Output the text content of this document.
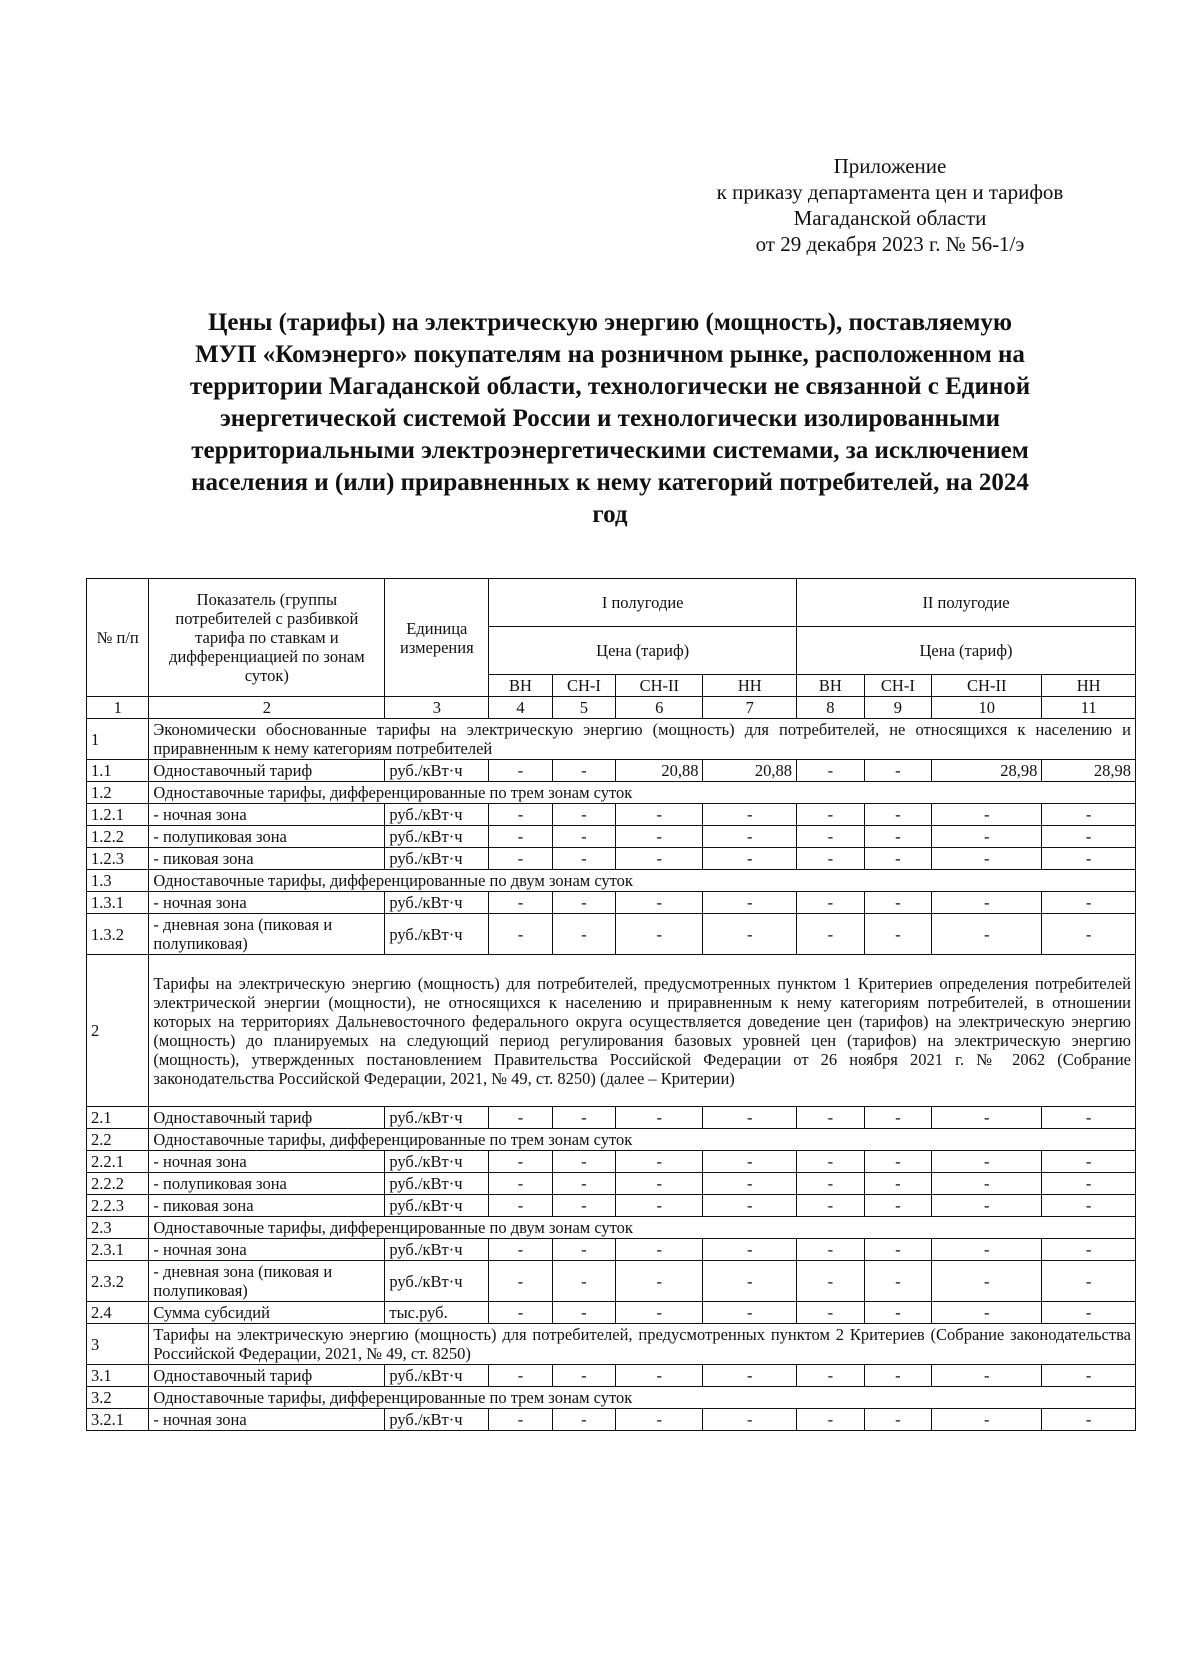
Приложение
к приказу департамента цен и тарифов
Магаданской области
от 29 декабря 2023 г. № 56-1/э
Цены (тарифы) на электрическую энергию (мощность), поставляемую
МУП «Комэнерго» покупателям на розничном рынке, расположенном на
территории Магаданской области, технологически не связанной с Единой
энергетической системой России и технологически изолированными
территориальными электроэнергетическими системами, за исключением
населения и (или) приравненных к нему категорий потребителей, на 2024
год
№ п/п	Показатель (группы потребителей с разбивкой тарифа по ставкам и дифференциацией по зонам суток)	Единица измерения	I полугодие				II полугодие			
			Цена (тариф)				Цена (тариф)			
			ВН	СН-I	СН-II	НН	ВН	СН-I	СН-II	НН
1	2	3	4	5	6	7	8	9	10	11
1	Экономически обоснованные тарифы на электрическую энергию (мощность) для потребителей, не относящихся к населению и приравненным к нему категориям потребителей									
1.1	Одноставочный тариф	руб./кВт·ч	-	-	20,88	20,88	-	-	28,98	28,98
1.2	Одноставочные тарифы, дифференцированные по трем зонам суток									
1.2.1	- ночная зона	руб./кВт·ч	-	-	-	-	-	-	-	-
1.2.2	- полупиковая зона	руб./кВт·ч	-	-	-	-	-	-	-	-
1.2.3	- пиковая зона	руб./кВт·ч	-	-	-	-	-	-	-	-
1.3	Одноставочные тарифы, дифференцированные по двум зонам суток									
1.3.1	- ночная зона	руб./кВт·ч	-	-	-	-	-	-	-	-
1.3.2	- дневная зона (пиковая и полупиковая)	руб./кВт·ч	-	-	-	-	-	-	-	-
2	Тарифы на электрическую энергию (мощность) для потребителей, предусмотренных пунктом 1 Критериев определения потребителей электрической энергии (мощности), не относящихся к населению и приравненным к нему категориям потребителей, в отношении которых на территориях Дальневосточного федерального округа осуществляется доведение цен (тарифов) на электрическую энергию (мощность) до планируемых на следующий период регулирования базовых уровней цен (тарифов) на электрическую энергию (мощность), утвержденных постановлением Правительства Российской Федерации от 26 ноября 2021 г. № 2062 (Собрание законодательства Российской Федерации, 2021, № 49, ст. 8250) (далее – Критерии)									
2.1	Одноставочный тариф	руб./кВт·ч	-	-	-	-	-	-	-	-
2.2	Одноставочные тарифы, дифференцированные по трем зонам суток									
2.2.1	- ночная зона	руб./кВт·ч	-	-	-	-	-	-	-	-
2.2.2	- полупиковая зона	руб./кВт·ч	-	-	-	-	-	-	-	-
2.2.3	- пиковая зона	руб./кВт·ч	-	-	-	-	-	-	-	-
2.3	Одноставочные тарифы, дифференцированные по двум зонам суток									
2.3.1	- ночная зона	руб./кВт·ч	-	-	-	-	-	-	-	-
2.3.2	- дневная зона (пиковая и полупиковая)	руб./кВт·ч	-	-	-	-	-	-	-	-
2.4	Сумма субсидий	тыс.руб.	-	-	-	-	-	-	-	-
3	Тарифы на электрическую энергию (мощность) для потребителей, предусмотренных пунктом 2 Критериев (Собрание законодательства Российской Федерации, 2021, № 49, ст. 8250)									
3.1	Одноставочный тариф	руб./кВт·ч	-	-	-	-	-	-	-	-
3.2	Одноставочные тарифы, дифференцированные по трем зонам суток									
3.2.1	- ночная зона	руб./кВт·ч	-	-	-	-	-	-	-	-
